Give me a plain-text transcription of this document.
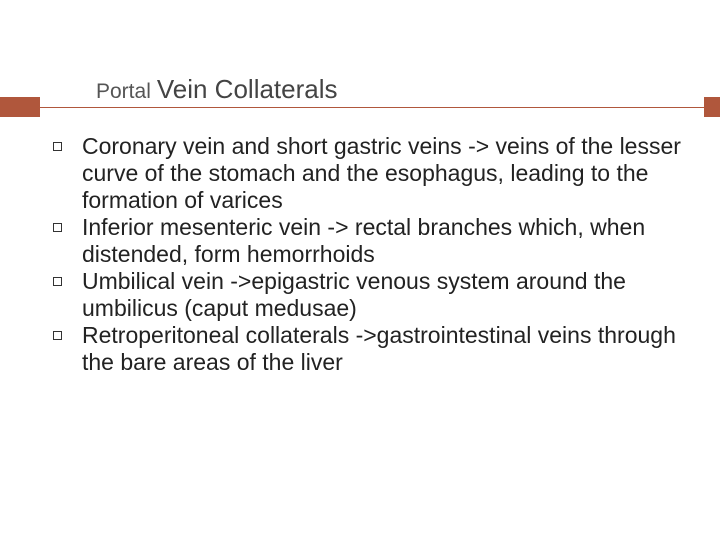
Portal Vein Collaterals
Coronary vein and short gastric veins -> veins of the lesser curve of the stomach and the esophagus, leading to the formation of varices
Inferior mesenteric vein -> rectal branches which, when distended, form hemorrhoids
Umbilical vein ->epigastric venous system around the umbilicus (caput medusae)
Retroperitoneal collaterals ->gastrointestinal veins through the bare areas of the liver
